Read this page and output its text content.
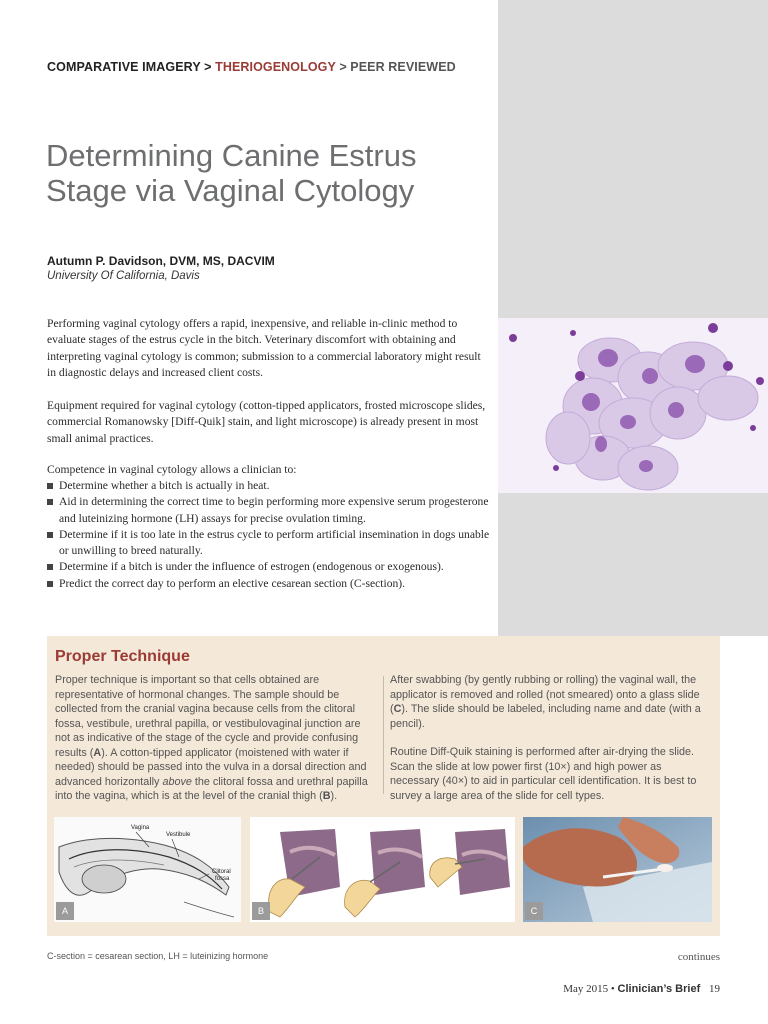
COMPARATIVE IMAGERY > THERIOGENOLOGY > PEER REVIEWED
Determining Canine Estrus
Stage via Vaginal Cytology
Autumn P. Davidson, DVM, MS, DACVIM
University Of California, Davis

Performing vaginal cytology offers a rapid, inexpensive, and reliable in-clinic method to evaluate stages of the estrus cycle in the bitch. Veterinary discomfort with obtaining and interpreting vaginal cytology is common; submission to a commercial laboratory might result in diagnostic delays and increased client costs.

Equipment required for vaginal cytology (cotton-tipped applicators, frosted microscope slides, commercial Romanowsky [Diff-Quik] stain, and light microscope) is already present in most small animal practices.

Competence in vaginal cytology allows a clinician to:

Determine whether a bitch is actually in heat.
Aid in determining the correct time to begin performing more expensive serum progesterone and luteinizing hormone (LH) assays for precise ovulation timing.
Determine if it is too late in the estrus cycle to perform artificial insemination in dogs unable or unwilling to breed naturally.
Determine if a bitch is under the influence of estrogen (endogenous or exogenous).
Predict the correct day to perform an elective cesarean section (C-section).
Proper Technique

Proper technique is important so that cells obtained are representative of hormonal changes. The sample should be collected from the cranial vagina because cells from the clitoral fossa, vestibule, urethral papilla, or vestibulovaginal junction are not as indicative of the stage of the cycle and provide confusing results (A). A cotton-tipped applicator (moistened with water if needed) should be passed into the vulva in a dorsal direction and advanced horizontally above the clitoral fossa and urethral papilla into the vagina, which is at the level of the cranial thigh (B).

After swabbing (by gently rubbing or rolling) the vaginal wall, the applicator is removed and rolled (not smeared) onto a glass slide (C). The slide should be labeled, including name and date (with a pencil).

Routine Diff-Quik staining is performed after air-drying the slide. Scan the slide at low power first (10×) and high power as necessary (40×) to aid in particular cell identification. It is best to survey a large area of the slide for cell types.

Vagina
Vestibule
Clitoral
fossa
A	B	C
C-section = cesarean section, LH = luteinizing hormone	continues
May 2015 • Clinician’s Brief 19
